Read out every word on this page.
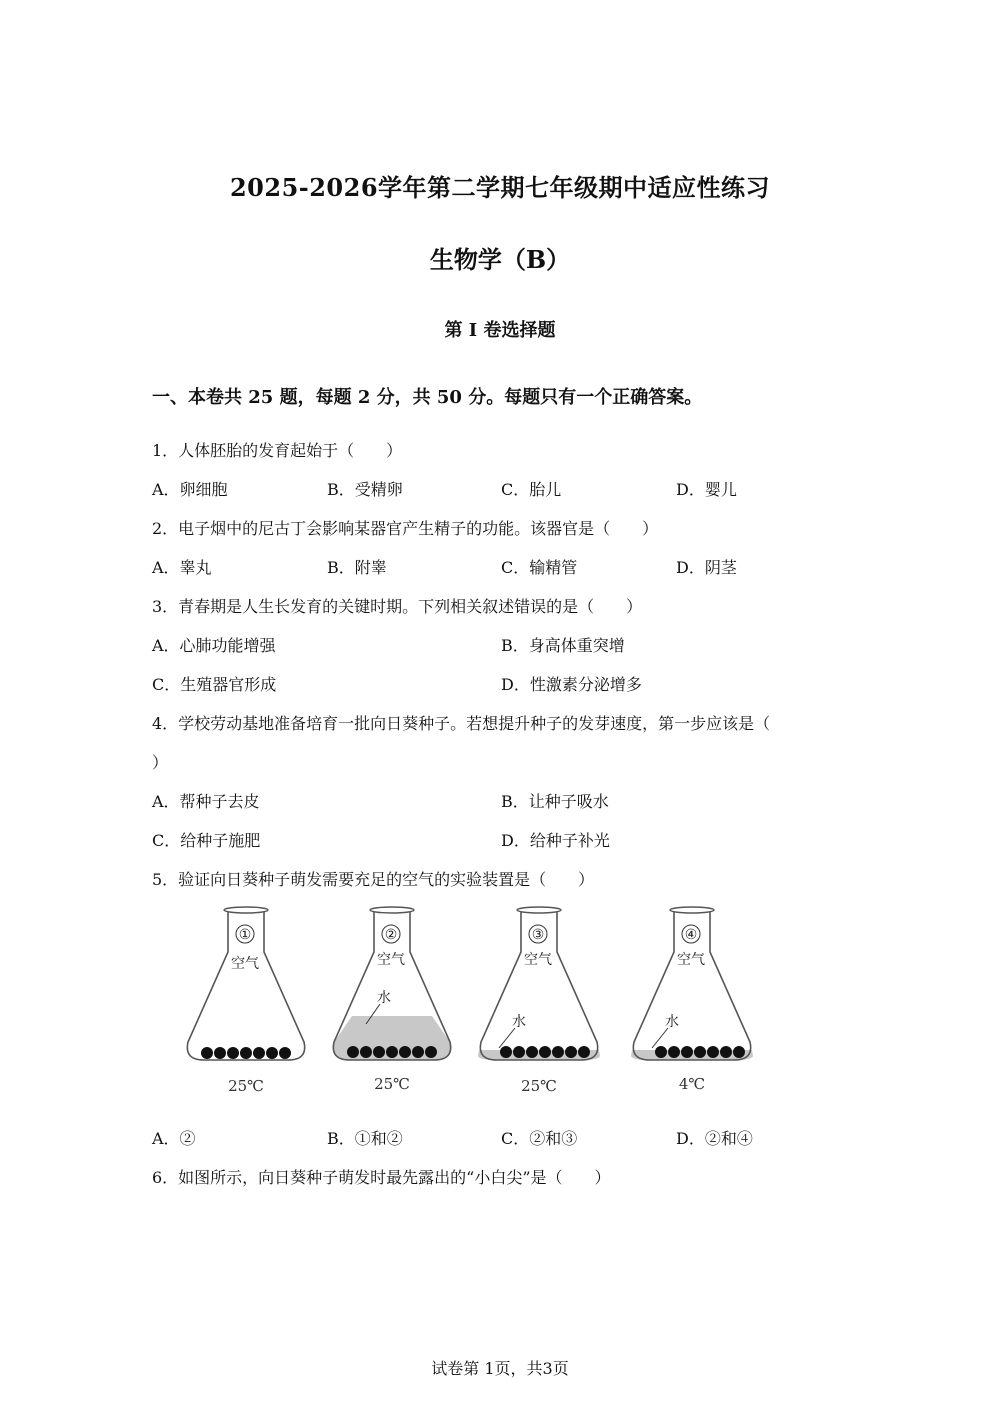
2025-2026学年第二学期七年级期中适应性练习
生物学（B）
第 I 卷选择题
一、本卷共 25 题，每题 2 分，共 50 分。每题只有一个正确答案。
1．人体胚胎的发育起始于（　　）
A．卵细胞	B．受精卵	C．胎儿	D．婴儿
2．电子烟中的尼古丁会影响某器官产生精子的功能。该器官是（　　）
A．睾丸	B．附睾	C．输精管	D．阴茎
3．青春期是人生长发育的关键时期。下列相关叙述错误的是（　　）
A．心肺功能增强	B．身高体重突增
C．生殖器官形成	D．性激素分泌增多
4．学校劳动基地准备培育一批向日葵种子。若想提升种子的发芽速度，第一步应该是（
）
A．帮种子去皮	B．让种子吸水
C．给种子施肥	D．给种子补光
5．验证向日葵种子萌发需要充足的空气的实验装置是（　　）
①
空气
25℃
②
空气
水
25℃
③
空气
水
25℃
④
空气
水
4℃
A．②	B．①和②	C．②和③	D．②和④
6．如图所示，向日葵种子萌发时最先露出的“小白尖”是（　　）
试卷第 1页，共3页
